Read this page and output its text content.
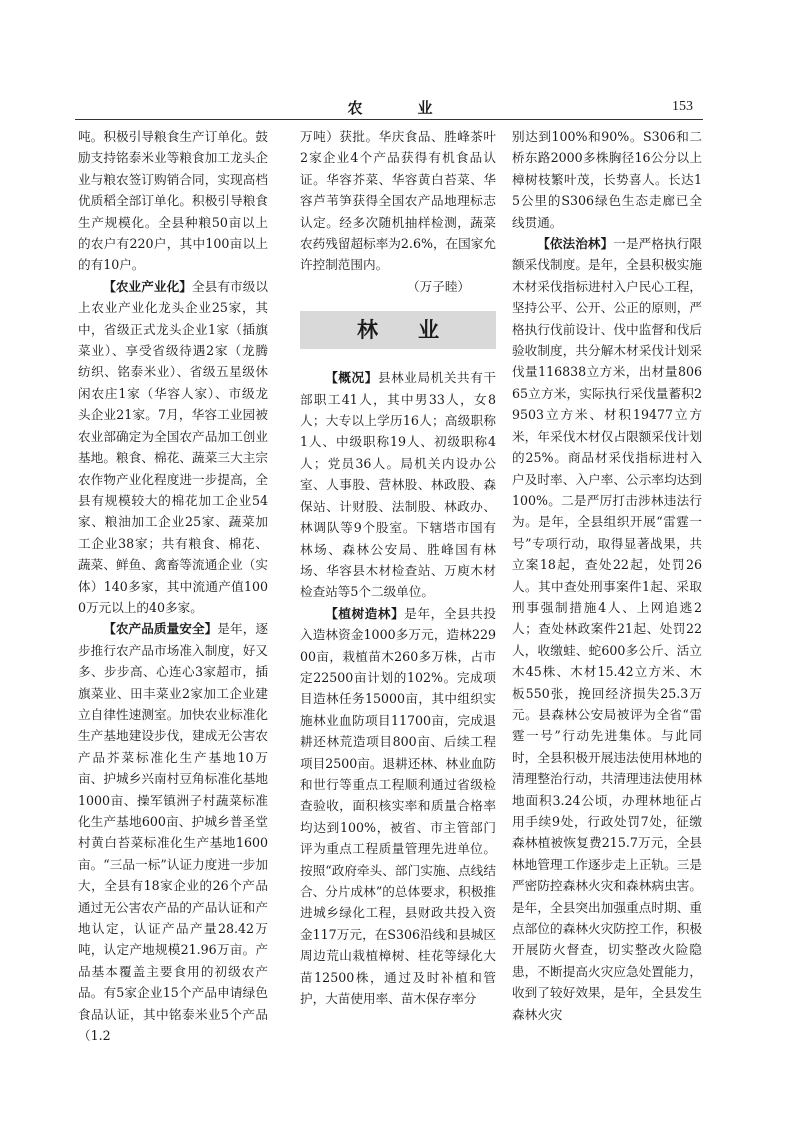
农　业	153

吨。积极引导粮食生产订单化。鼓励支持铭泰米业等粮食加工龙头企业与粮农签订购销合同，实现高档优质稻全部订单化。积极引导粮食生产规模化。全县种粮50亩以上的农户有220户，其中100亩以上的有10户。

【农业产业化】全县有市级以上农业产业化龙头企业25家，其中，省级正式龙头企业1家（插旗菜业）、享受省级待遇2家（龙腾纺织、铭泰米业）、省级五星级休闲农庄1家（华容人家）、市级龙头企业21家。7月，华容工业园被农业部确定为全国农产品加工创业基地。粮食、棉花、蔬菜三大主宗农作物产业化程度进一步提高，全县有规模较大的棉花加工企业54家、粮油加工企业25家、蔬菜加工企业38家；共有粮食、棉花、蔬菜、鲜鱼、禽畜等流通企业（实体）140多家，其中流通产值1000万元以上的40多家。

【农产品质量安全】是年，逐步推行农产品市场准入制度，好又多、步步高、心连心3家超市，插旗菜业、田丰菜业2家加工企业建立自律性速测室。加快农业标准化生产基地建设步伐，建成无公害农产品芥菜标准化生产基地10万亩、护城乡兴南村豆角标准化基地1000亩、操军镇洲子村蔬菜标准化生产基地600亩、护城乡普圣堂村黄白苔菜标准化生产基地1600亩。“三品一标”认证力度进一步加大，全县有18家企业的26个产品通过无公害农产品的产品认证和产地认定，认证产品产量28.42万吨，认定产地规模21.96万亩。产品基本覆盖主要食用的初级农产品。有5家企业15个产品申请绿色食品认证，其中铭泰米业5个产品（1.2

万吨）获批。华庆食品、胜峰茶叶2家企业4个产品获得有机食品认证。华容芥菜、华容黄白苔菜、华容芦苇笋获得全国农产品地理标志认定。经多次随机抽样检测，蔬菜农药残留超标率为2.6%，在国家允许控制范围内。

（万子睦）

林业

【概况】县林业局机关共有干部职工41人，其中男33人，女8人；大专以上学历16人；高级职称1人、中级职称19人、初级职称4人；党员36人。局机关内设办公室、人事股、营林股、林政股、森保站、计财股、法制股、林政办、林调队等9个股室。下辖塔市国有林场、森林公安局、胜峰国有林场、华容县木材检查站、万庾木材检查站等5个二级单位。

【植树造林】是年，全县共投入造林资金1000多万元，造林22900亩，栽植苗木260多万株，占市定22500亩计划的102%。完成项目造林任务15000亩，其中组织实施林业血防项目11700亩，完成退耕还林荒造项目800亩、后续工程项目2500亩。退耕还林、林业血防和世行等重点工程顺利通过省级检查验收，面积核实率和质量合格率均达到100%，被省、市主管部门评为重点工程质量管理先进单位。按照“政府牵头、部门实施、点线结合、分片成林”的总体要求，积极推进城乡绿化工程，县财政共投入资金117万元，在S306沿线和县城区周边荒山栽植樟树、桂花等绿化大苗12500株，通过及时补植和管护，大苗使用率、苗木保存率分

别达到100%和90%。S306和二桥东路2000多株胸径16公分以上樟树枝繁叶茂，长势喜人。长达15公里的S306绿色生态走廊已全线贯通。

【依法治林】一是严格执行限额采伐制度。是年，全县积极实施木材采伐指标进村入户民心工程，坚持公平、公开、公正的原则，严格执行伐前设计、伐中监督和伐后验收制度，共分解木材采伐计划采伐量116838立方米，出材量80665立方米，实际执行采伐量蓄积29503立方米、材积19477立方米，年采伐木材仅占限额采伐计划的25%。商品材采伐指标进村入户及时率、入户率、公示率均达到100%。二是严厉打击涉林违法行为。是年，全县组织开展“雷霆一号”专项行动，取得显著战果，共立案18起，查处22起，处罚26人。其中查处刑事案件1起、采取刑事强制措施4人、上网追逃2人；查处林政案件21起、处罚22人，收缴蛙、蛇600多公斤、活立木45株、木材15.42立方米、木板550张，挽回经济损失25.3万元。县森林公安局被评为全省“雷霆一号”行动先进集体。与此同时，全县积极开展违法使用林地的清理整治行动，共清理违法使用林地面积3.24公顷，办理林地征占用手续9处，行政处罚7处，征缴森林植被恢复费215.7万元，全县林地管理工作逐步走上正轨。三是严密防控森林火灾和森林病虫害。是年，全县突出加强重点时期、重点部位的森林火灾防控工作，积极开展防火督查，切实整改火险隐患，不断提高火灾应急处置能力，收到了较好效果，是年，全县发生森林火灾
